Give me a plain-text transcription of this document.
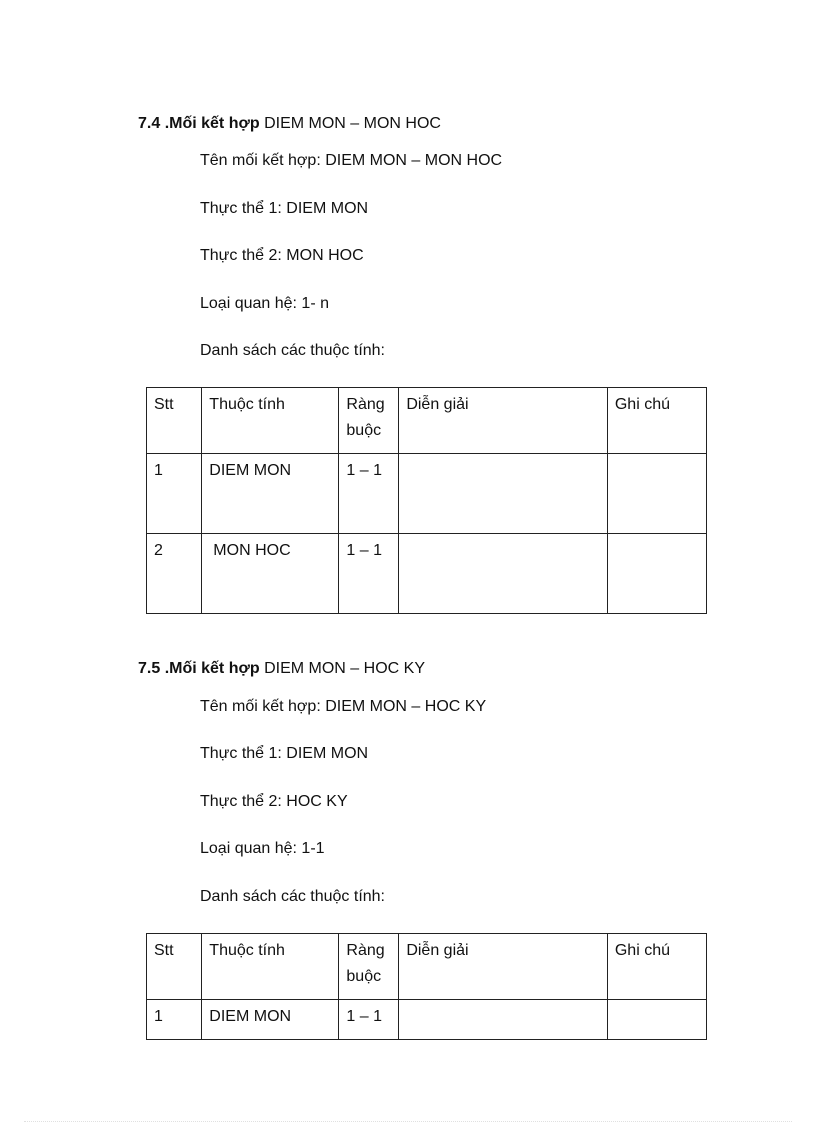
7.4 .Mối kết hợp DIEM MON – MON HOC

Tên mối kết hợp: DIEM MON – MON HOC
Thực thể 1: DIEM MON
Thực thể 2: MON HOC
Loại quan hệ: 1- n
Danh sách các thuộc tính:
Stt	Thuộc tính	Ràng buộc	Diễn giải	Ghi chú
1	DIEM MON	1 – 1		
2	MON HOC	1 – 1		

7.5 .Mối kết hợp DIEM MON – HOC KY

Tên mối kết hợp: DIEM MON – HOC KY
Thực thể 1: DIEM MON
Thực thể 2: HOC KY
Loại quan hệ: 1-1
Danh sách các thuộc tính:
Stt	Thuộc tính	Ràng buộc	Diễn giải	Ghi chú
1	DIEM MON	1 – 1		
